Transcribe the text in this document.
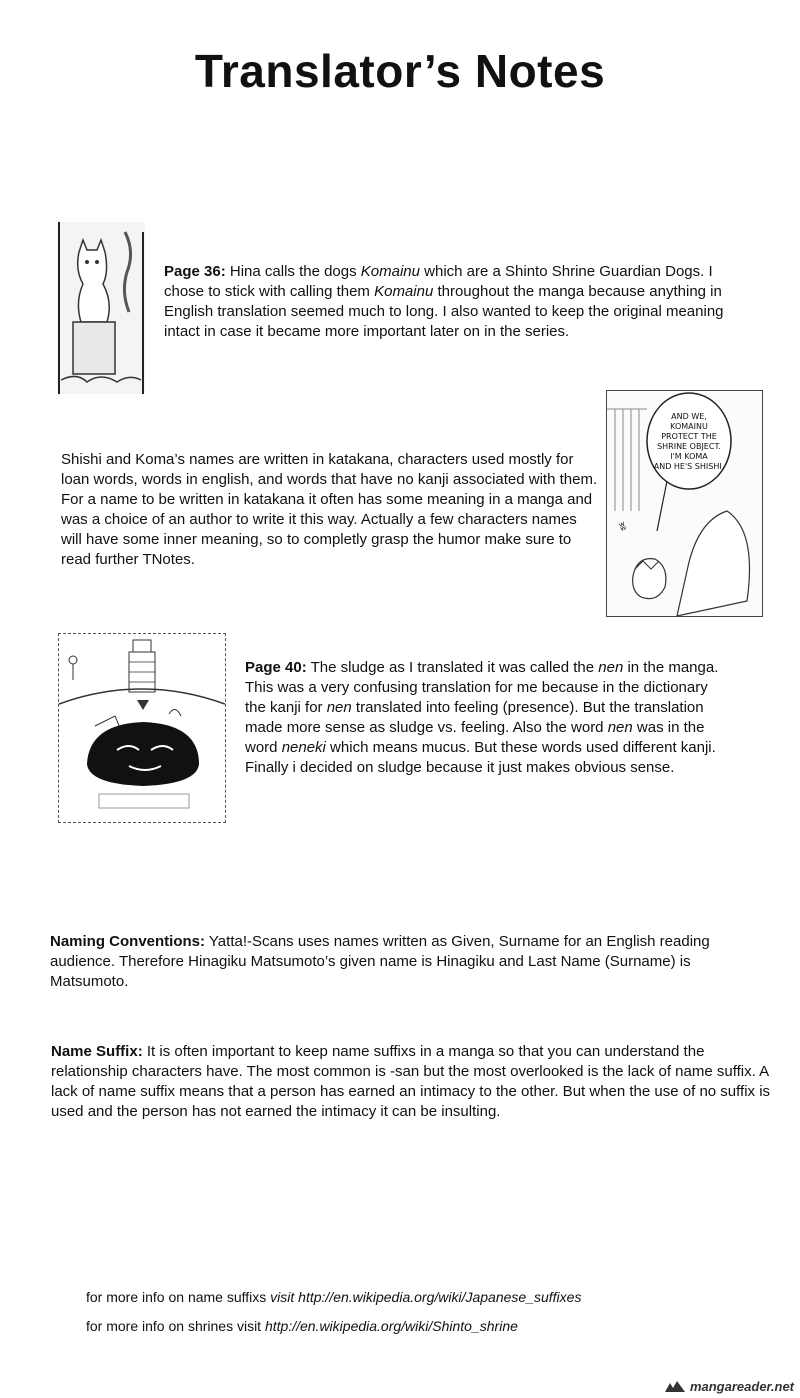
Translator’s Notes

Page 36: Hina calls the dogs Komainu which are a Shinto Shrine Guardian Dogs. I chose to stick with calling them Komainu throughout the manga because anything in English translation seemed much to long. I also wanted to keep the original meaning intact in case it became more important later on in the series.

ʬ
AND WE,
KOMAINU
PROTECT THE
SHRINE OBJECT.
I'M KOMA
AND HE'S SHISHI.

Shishi and Koma’s names are written in katakana, characters used mostly for loan words, words in english, and words that have no kanji associated with them. For a name to be written in katakana it often has some meaning in a manga and was a choice of an author to write it this way. Actually a few characters names will have some inner meaning, so to completly grasp the humor make sure to read further TNotes.

Page 40: The sludge as I translated it was called the nen in the manga. This was a very confusing translation for me because in the dictionary the kanji for nen translated into feeling (presence). But the translation made more sense as sludge vs. feeling. Also the word nen was in the word neneki which means mucus. But these words used different kanji. Finally i decided on sludge because it just makes obvious sense.

Naming Conventions: Yatta!-Scans uses names written as Given, Surname for an English reading audience. Therefore Hinagiku Matsumoto’s given name is Hinagiku and Last Name (Surname) is Matsumoto.

Name Suffix: It is often important to keep name suffixs in a manga so that you can understand the relationship characters have. The most common is -san but the most overlooked is the lack of name suffix. A lack of name suffix means that a person has earned an intimacy to the other. But when the use of no suffix is used and the person has not earned the intimacy it can be insulting.

for more info on name suffixs visit http://en.wikipedia.org/wiki/Japanese_suffixes

for more info on shrines visit http://en.wikipedia.org/wiki/Shinto_shrine

mangareader.net
